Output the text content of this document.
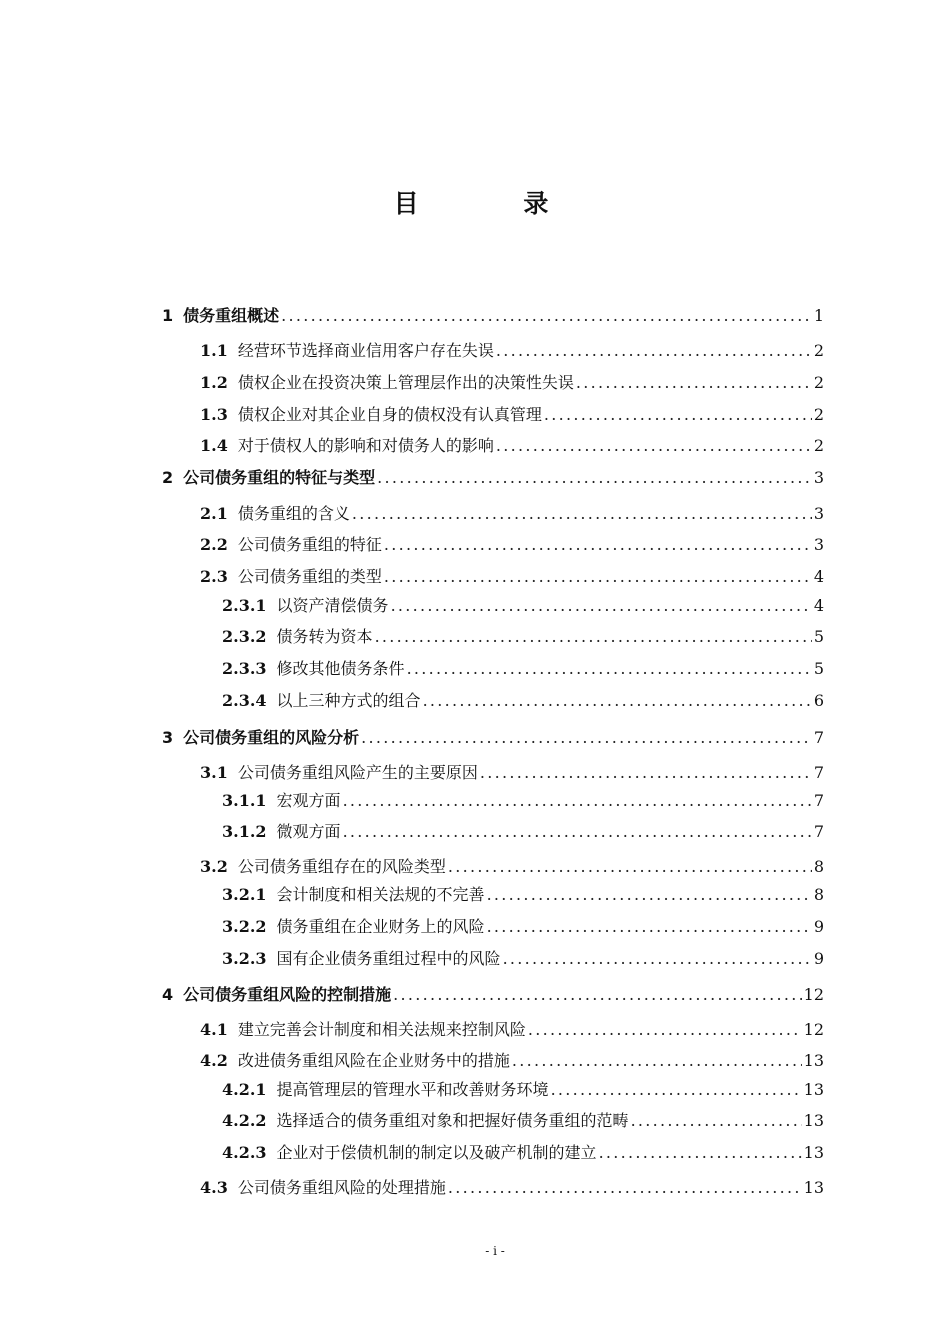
目 录
1 债务重组概述 . . .	1
1.1 经营环节选择商业信用客户存在失误 . . .	2
1.2 债权企业在投资决策上管理层作出的决策性失误 . . .	2
1.3 债权企业对其企业自身的债权没有认真管理 . . .	2
1.4 对于债权人的影响和对债务人的影响 . . .	2
2 公司债务重组的特征与类型 . . .	3
2.1 债务重组的含义 . . .	3
2.2 公司债务重组的特征 . . .	3
2.3 公司债务重组的类型 . . .	4
2.3.1 以资产清偿债务 . . .	4
2.3.2 债务转为资本 . . .	5
2.3.3 修改其他债务条件 . . .	5
2.3.4 以上三种方式的组合 . . .	6
3 公司债务重组的风险分析 . . .	7
3.1 公司债务重组风险产生的主要原因 . . .	7
3.1.1 宏观方面 . . .	7
3.1.2 微观方面 . . .	7
3.2 公司债务重组存在的风险类型 . . .	8
3.2.1 会计制度和相关法规的不完善 . . .	8
3.2.2 债务重组在企业财务上的风险 . . .	9
3.2.3 国有企业债务重组过程中的风险 . . .	9
4 公司债务重组风险的控制措施 . . .	12
4.1 建立完善会计制度和相关法规来控制风险 . . .	12
4.2 改进债务重组风险在企业财务中的措施 . . .	13
4.2.1 提高管理层的管理水平和改善财务环境 . . .	13
4.2.2 选择适合的债务重组对象和把握好债务重组的范畴 . . .	13
4.2.3 企业对于偿债机制的制定以及破产机制的建立 . . .	13
4.3 公司债务重组风险的处理措施 . . .	13
- i -
